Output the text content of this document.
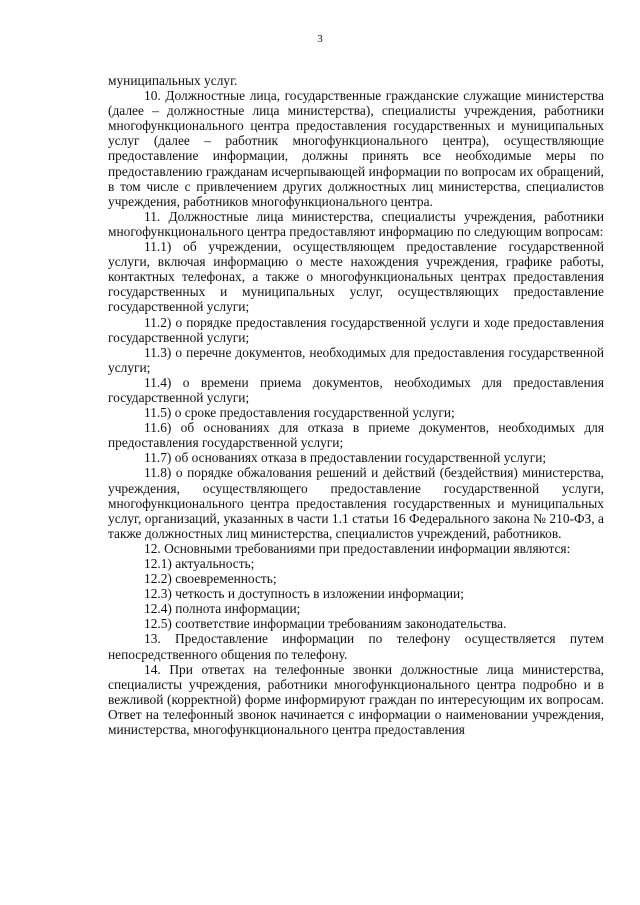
3

муниципальных услуг.

10. Должностные лица, государственные гражданские служащие министерства (далее – должностные лица министерства), специалисты учреждения, работники многофункционального центра предоставления государственных и муниципальных услуг (далее – работник многофункционального центра), осуществляющие предоставление информации, должны принять все необходимые меры по предоставлению гражданам исчерпывающей информации по вопросам их обращений, в том числе с привлечением других должностных лиц министерства, специалистов учреждения, работников многофункционального центра.

11. Должностные лица министерства, специалисты учреждения, работники многофункционального центра предоставляют информацию по следующим вопросам:

11.1) об учреждении, осуществляющем предоставление государственной услуги, включая информацию о месте нахождения учреждения, графике работы, контактных телефонах, а также о многофункциональных центрах предоставления государственных и муниципальных услуг, осуществляющих предоставление государственной услуги;

11.2) о порядке предоставления государственной услуги и ходе предоставления государственной услуги;

11.3) о перечне документов, необходимых для предоставления государственной услуги;

11.4) о времени приема документов, необходимых для предоставления государственной услуги;

11.5) о сроке предоставления государственной услуги;

11.6) об основаниях для отказа в приеме документов, необходимых для предоставления государственной услуги;

11.7) об основаниях отказа в предоставлении государственной услуги;

11.8) о порядке обжалования решений и действий (бездействия) министерства, учреждения, осуществляющего предоставление государственной услуги, многофункционального центра предоставления государственных и муниципальных услуг, организаций, указанных в части 1.1 статьи 16 Федерального закона № 210-ФЗ, а также должностных лиц министерства, специалистов учреждений, работников.

12. Основными требованиями при предоставлении информации являются:

12.1) актуальность;

12.2) своевременность;

12.3) четкость и доступность в изложении информации;

12.4) полнота информации;

12.5) соответствие информации требованиям законодательства.

13. Предоставление информации по телефону осуществляется путем непосредственного общения по телефону.

14. При ответах на телефонные звонки должностные лица министерства, специалисты учреждения, работники многофункционального центра подробно и в вежливой (корректной) форме информируют граждан по интересующим их вопросам. Ответ на телефонный звонок начинается с информации о наименовании учреждения, министерства, многофункционального центра предоставления
